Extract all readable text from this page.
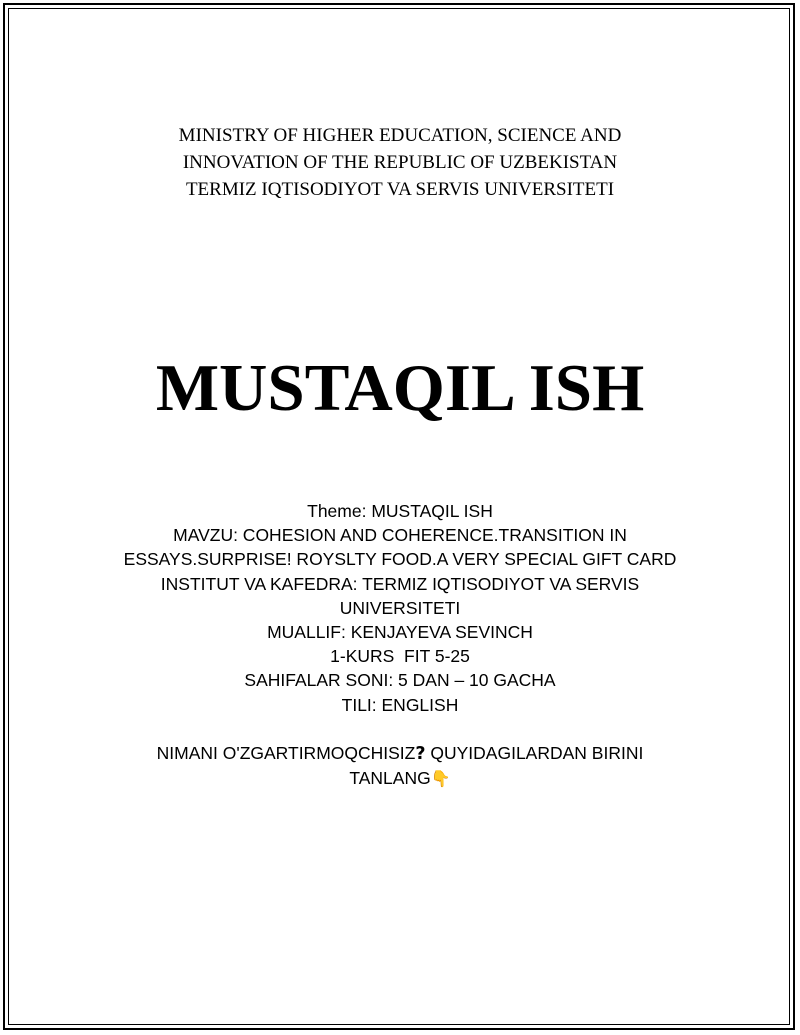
MINISTRY OF HIGHER EDUCATION, SCIENCE AND
INNOVATION OF THE REPUBLIC OF UZBEKISTAN
TERMIZ IQTISODIYOT VA SERVIS UNIVERSITETI
MUSTAQIL ISH
Theme: MUSTAQIL ISH
MAVZU: COHESION AND COHERENCE.TRANSITION IN
ESSAYS.SURPRISE! ROYSLTY FOOD.A VERY SPECIAL GIFT CARD
INSTITUT VA KAFEDRA: TERMIZ IQTISODIYOT VA SERVIS
UNIVERSITETI
MUALLIF: KENJAYEVA SEVINCH
1-KURS  FIT 5-25
SAHIFALAR SONI: 5 DAN – 10 GACHA
TILI: ENGLISH
NIMANI O'ZGARTIRMOQCHISIZ? QUYIDAGILARDAN BIRINI
TANLANG👇
